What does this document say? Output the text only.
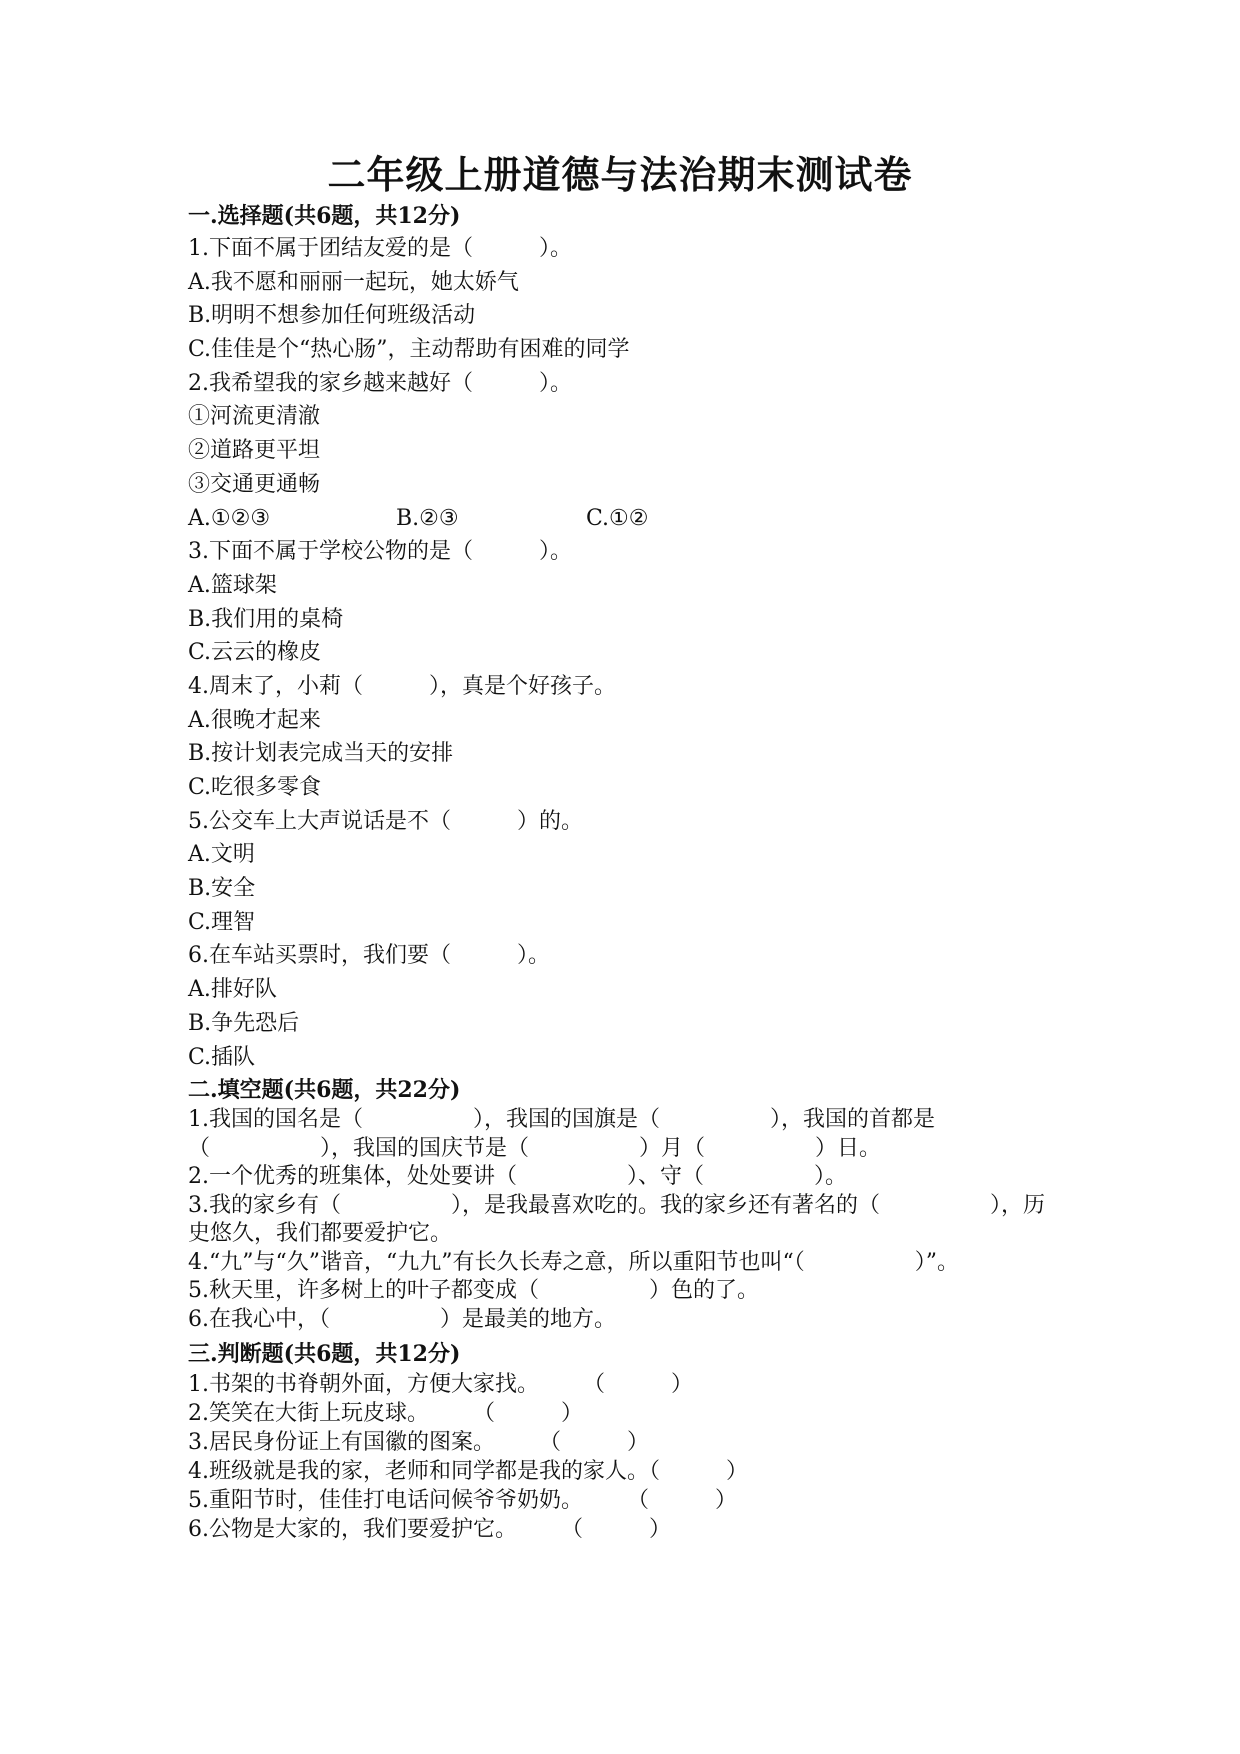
二年级上册道德与法治期末测试卷
一.选择题(共6题，共12分)
1.下面不属于团结友爱的是（　　　）。
A.我不愿和丽丽一起玩，她太娇气
B.明明不想参加任何班级活动
C.佳佳是个“热心肠”，主动帮助有困难的同学
2.我希望我的家乡越来越好（　　　）。
①河流更清澈
②道路更平坦
③交通更通畅
A.①②③	B.②③	C.①②
3.下面不属于学校公物的是（　　　）。
A.篮球架
B.我们用的桌椅
C.云云的橡皮
4.周末了，小莉（　　　），真是个好孩子。
A.很晚才起来
B.按计划表完成当天的安排
C.吃很多零食
5.公交车上大声说话是不（　　　）的。
A.文明
B.安全
C.理智
6.在车站买票时，我们要（　　　）。
A.排好队
B.争先恐后
C.插队
二.填空题(共6题，共22分)
1.我国的国名是（　　　　　），我国的国旗是（　　　　　），我国的首都是（　　　　　），我国的国庆节是（　　　　　）月（　　　　　）日。
2.一个优秀的班集体，处处要讲（　　　　　）、守（　　　　　）。
3.我的家乡有（　　　　　），是我最喜欢吃的。我的家乡还有著名的（　　　　　），历史悠久，我们都要爱护它。
4.“九”与“久”谐音，“九九”有长久长寿之意，所以重阳节也叫“（　　　　　）”。
5.秋天里，许多树上的叶子都变成（　　　　　）色的了。
6.在我心中，（　　　　　）是最美的地方。
三.判断题(共6题，共12分)
1.书架的书脊朝外面，方便大家找。　　　（　　　）
2.笑笑在大街上玩皮球。　　　（　　　）
3.居民身份证上有国徽的图案。　　　（　　　）
4.班级就是我的家，老师和同学都是我的家人。（　　　）
5.重阳节时，佳佳打电话问候爷爷奶奶。　　　（　　　）
6.公物是大家的，我们要爱护它。　　　（　　　）
